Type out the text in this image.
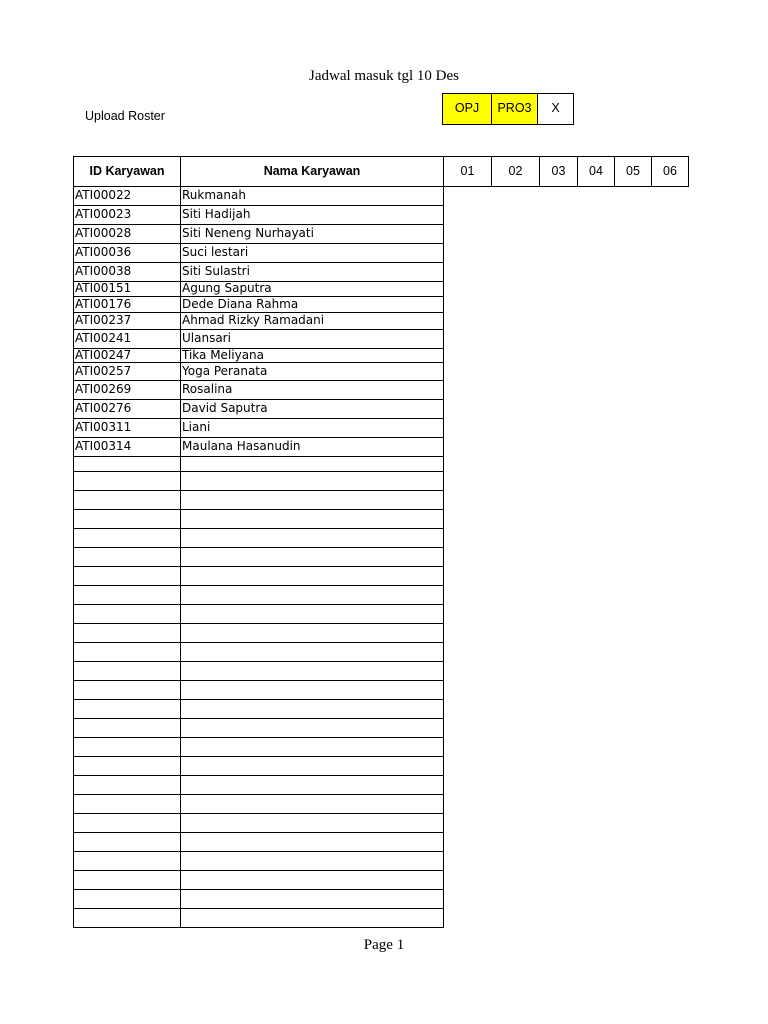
Jadwal masuk tgl 10 Des
Upload Roster
OPJ	PRO3	X
ID Karyawan	Nama Karyawan	01	02	03	04	05	06
ATI00022	Rukmanah
ATI00023	Siti Hadijah
ATI00028	Siti Neneng Nurhayati
ATI00036	Suci lestari
ATI00038	Siti Sulastri
ATI00151	Agung Saputra
ATI00176	Dede Diana Rahma
ATI00237	Ahmad Rizky Ramadani
ATI00241	Ulansari
ATI00247	Tika Meliyana
ATI00257	Yoga Peranata
ATI00269	Rosalina
ATI00276	David Saputra
ATI00311	Liani
ATI00314	Maulana Hasanudin
Page 1
